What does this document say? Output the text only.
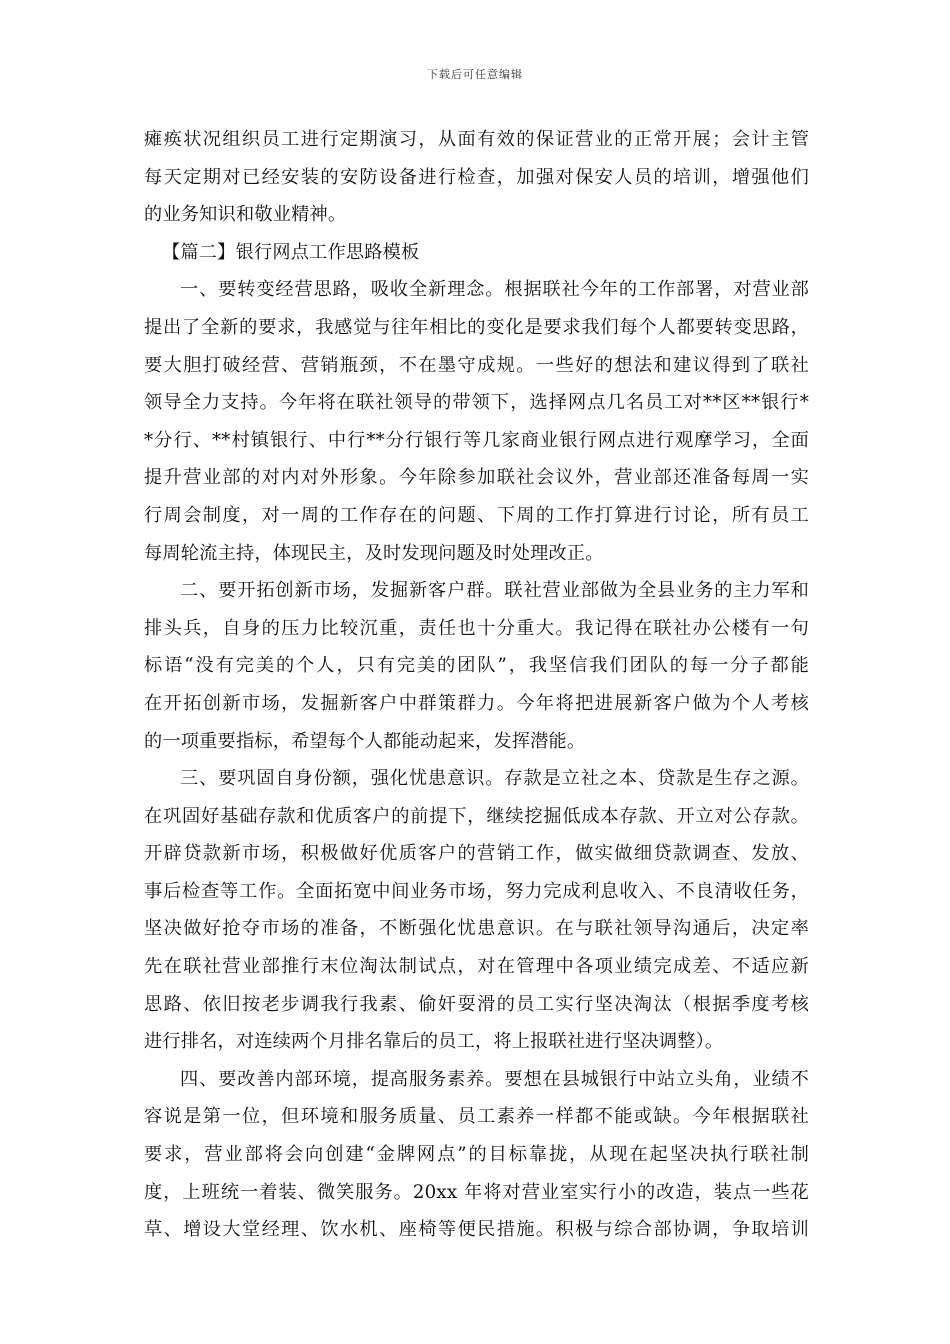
下载后可任意编辑
瘫痪状况组织员工进行定期演习，从面有效的保证营业的正常开展；会计主管
每天定期对已经安装的安防设备进行检查，加强对保安人员的培训，增强他们
的业务知识和敬业精神。
【篇二】银行网点工作思路模板
一、要转变经营思路，吸收全新理念。根据联社今年的工作部署，对营业部
提出了全新的要求，我感觉与往年相比的变化是要求我们每个人都要转变思路，
要大胆打破经营、营销瓶颈，不在墨守成规。一些好的想法和建议得到了联社
领导全力支持。今年将在联社领导的带领下，选择网点几名员工对**区**银行*
*分行、**村镇银行、中行**分行银行等几家商业银行网点进行观摩学习，全面
提升营业部的对内对外形象。今年除参加联社会议外，营业部还准备每周一实
行周会制度，对一周的工作存在的问题、下周的工作打算进行讨论，所有员工
每周轮流主持，体现民主，及时发现问题及时处理改正。
二、要开拓创新市场，发掘新客户群。联社营业部做为全县业务的主力军和
排头兵，自身的压力比较沉重，责任也十分重大。我记得在联社办公楼有一句
标语“没有完美的个人，只有完美的团队”，我坚信我们团队的每一分子都能
在开拓创新市场，发掘新客户中群策群力。今年将把进展新客户做为个人考核
的一项重要指标，希望每个人都能动起来，发挥潜能。
三、要巩固自身份额，强化忧患意识。存款是立社之本、贷款是生存之源。
在巩固好基础存款和优质客户的前提下，继续挖掘低成本存款、开立对公存款。
开辟贷款新市场，积极做好优质客户的营销工作，做实做细贷款调查、发放、
事后检查等工作。全面拓宽中间业务市场，努力完成利息收入、不良清收任务，
坚决做好抢夺市场的准备，不断强化忧患意识。在与联社领导沟通后，决定率
先在联社营业部推行末位淘汰制试点，对在管理中各项业绩完成差、不适应新
思路、依旧按老步调我行我素、偷奸耍滑的员工实行坚决淘汰（根据季度考核
进行排名，对连续两个月排名靠后的员工，将上报联社进行坚决调整）。
四、要改善内部环境，提高服务素养。要想在县城银行中站立头角，业绩不
容说是第一位，但环境和服务质量、员工素养一样都不能或缺。今年根据联社
要求，营业部将会向创建“金牌网点”的目标靠拢，从现在起坚决执行联社制
度，上班统一着装、微笑服务。20xx 年将对营业室实行小的改造，装点一些花
草、增设大堂经理、饮水机、座椅等便民措施。积极与综合部协调，争取培训
